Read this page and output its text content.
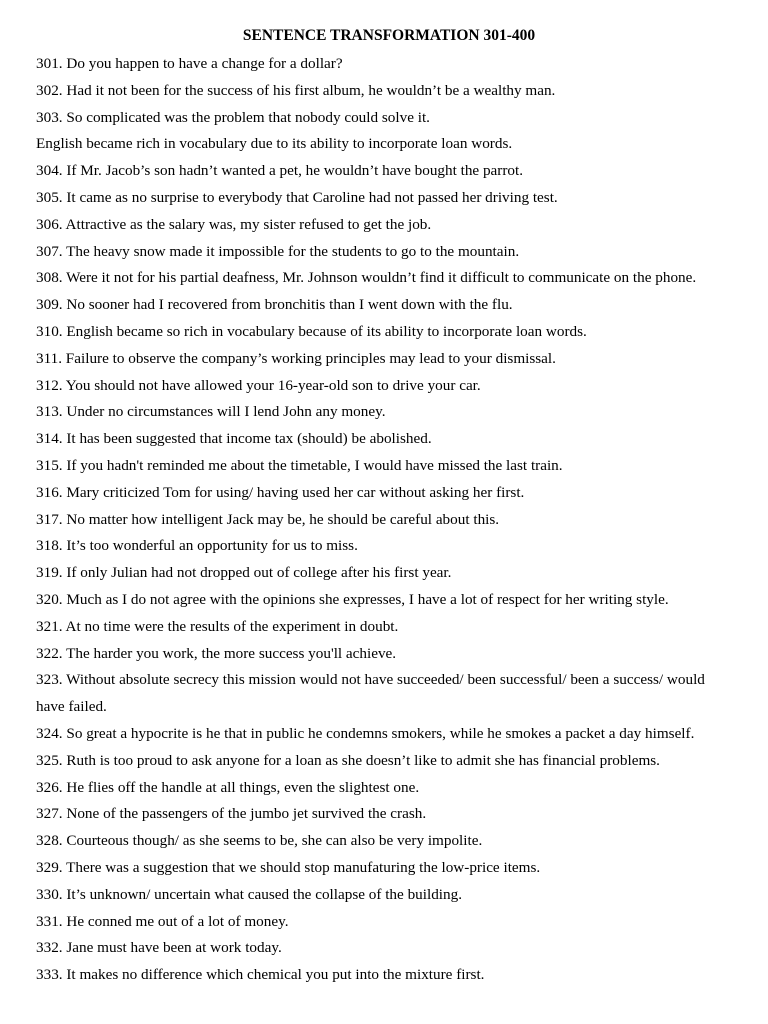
SENTENCE TRANSFORMATION 301-400

301. Do you happen to have a change for a dollar?

302. Had it not been for the success of his first album, he wouldn’t be a wealthy man.

303. So complicated was the problem that nobody could solve it.

English became rich in vocabulary due to its ability to incorporate loan words.

304. If Mr. Jacob’s son hadn’t wanted a pet, he wouldn’t have bought the parrot.

305. It came as no surprise to everybody that Caroline had not passed her driving test.

306. Attractive as the salary was, my sister refused to get the job.

307. The heavy snow made it impossible for the students to go to the mountain.

308. Were it not for his partial deafness, Mr. Johnson wouldn’t find it difficult to communicate on the phone.

309. No sooner had I recovered from bronchitis than I went down with the flu.

310. English became so rich in vocabulary because of its ability to incorporate loan words.

311. Failure to observe the company’s working principles may lead to your dismissal.

312. You should not have allowed your 16-year-old son to drive your car.

313. Under no circumstances will I lend John any money.

314. It has been suggested that income tax (should) be abolished.

315. If you hadn't reminded me about the timetable, I would have missed the last train.

316. Mary criticized Tom for using/ having used her car without asking her first.

317. No matter how intelligent Jack may be, he should be careful about this.

318. It’s too wonderful an opportunity for us to miss.

319. If only Julian had not dropped out of college after his first year.

320. Much as I do not agree with the opinions she expresses, I have a lot of respect for her writing style.

321. At no time were the results of the experiment in doubt.

322. The harder you work, the more success you'll achieve.

323. Without absolute secrecy this mission would not have succeeded/ been successful/ been a success/ would

have failed.

324. So great a hypocrite is he that in public he condemns smokers, while he smokes a packet a day himself.

325. Ruth is too proud to ask anyone for a loan as she doesn’t like to admit she has financial problems.

326. He flies off the handle at all things, even the slightest one.

327. None of the passengers of the jumbo jet survived the crash.

328. Courteous though/ as she seems to be, she can also be very impolite.

329. There was a suggestion that we should stop manufaturing the low-price items.

330. It’s unknown/ uncertain what caused the collapse of the building.

331. He conned me out of a lot of money.

332. Jane must have been at work today.

333. It makes no difference which chemical you put into the mixture first.
